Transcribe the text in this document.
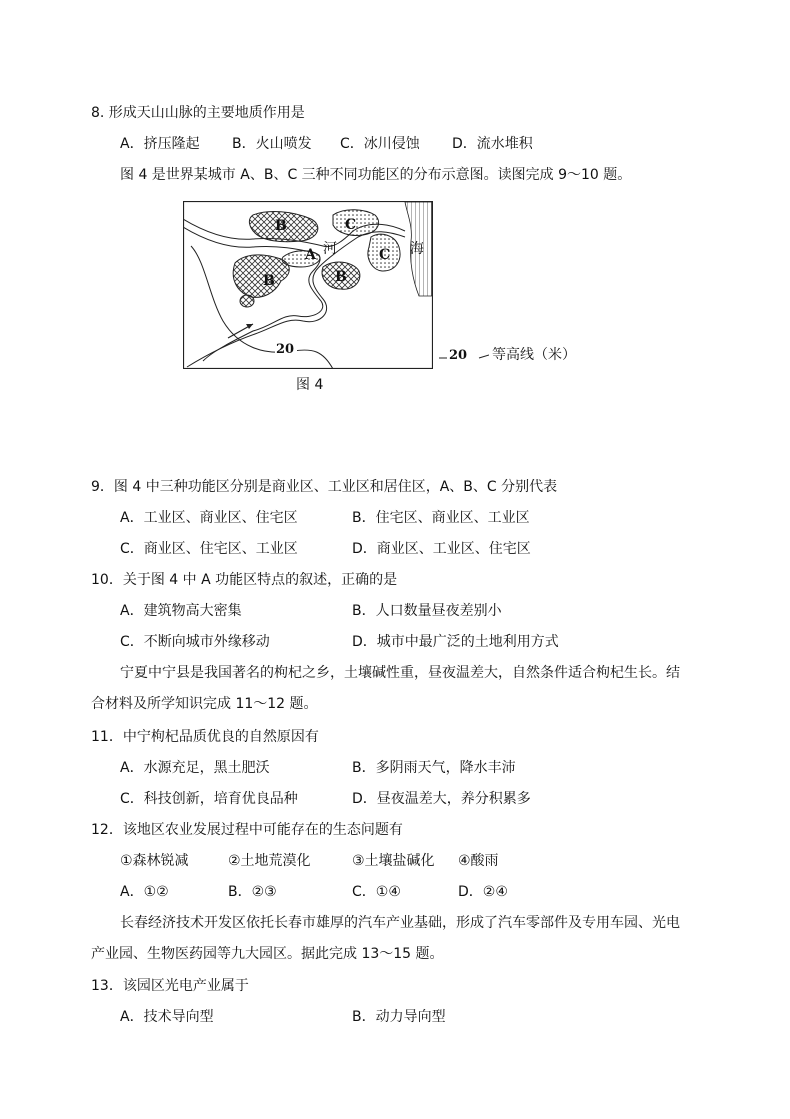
8. 形成天山山脉的主要地质作用是
A．挤压隆起 B．火山喷发 C．冰川侵蚀 D．流水堆积
图 4 是世界某城市 A、B、C 三种不同功能区的分布示意图。读图完成 9～10 题。
B	C
A 河	海
C
B	B
20	20 等高线（米）
图 4
9．图 4 中三种功能区分别是商业区、工业区和居住区，A、B、C 分别代表
A．工业区、商业区、住宅区	B．住宅区、商业区、工业区
C．商业区、住宅区、工业区	D．商业区、工业区、住宅区
10．关于图 4 中 A 功能区特点的叙述，正确的是
A．建筑物高大密集	B．人口数量昼夜差别小
C．不断向城市外缘移动	D．城市中最广泛的土地利用方式
宁夏中宁县是我国著名的枸杞之乡，土壤碱性重，昼夜温差大，自然条件适合枸杞生长。结
合材料及所学知识完成 11～12 题。
11．中宁枸杞品质优良的自然原因有
A．水源充足，黑土肥沃	B．多阴雨天气，降水丰沛
C．科技创新，培育优良品种	D．昼夜温差大，养分积累多
12．该地区农业发展过程中可能存在的生态问题有
①森林锐减	②土地荒漠化	③土壤盐碱化 ④酸雨
A．①②	B．②③	C．①④	D．②④
长春经济技术开发区依托长春市雄厚的汽车产业基础，形成了汽车零部件及专用车园、光电
产业园、生物医药园等九大园区。据此完成 13～15 题。
13．该园区光电产业属于
A．技术导向型	B．动力导向型
